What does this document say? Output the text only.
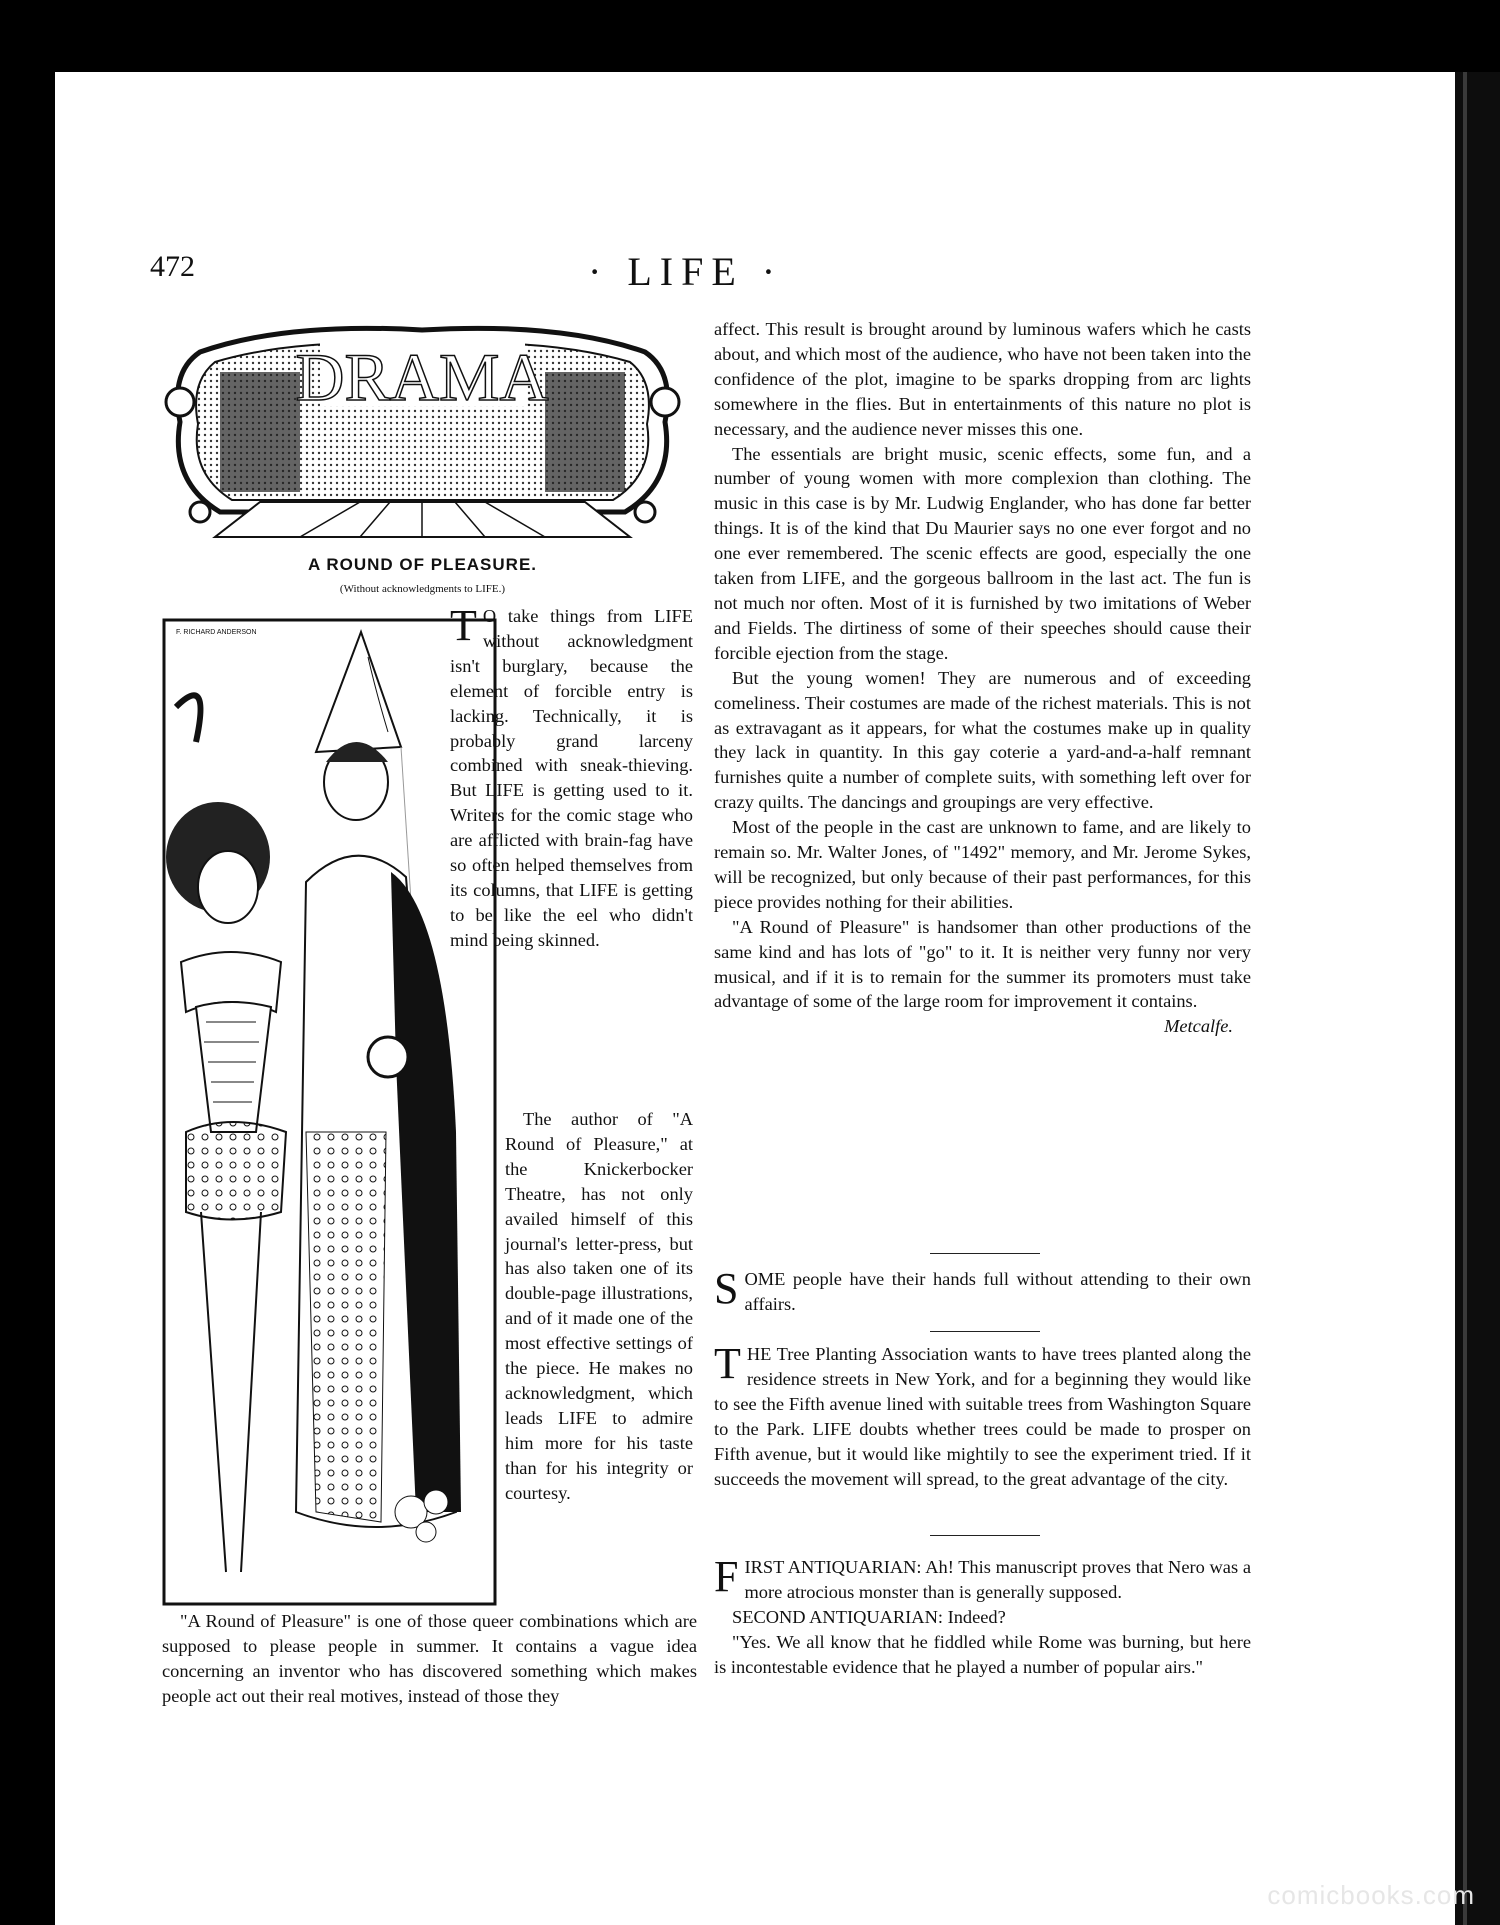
472	· LIFE ·
DRAMA
A ROUND OF PLEASURE.
(Without acknowledgments to LIFE.)
F. RICHARD ANDERSON	T O take things from LIFE without acknowledgment isn't burglary, because the element of forcible entry is lacking. Technically, it is probably grand larceny combined with sneak-thieving. But LIFE is getting used to it. Writers for the comic stage who are afflicted with brain-fag have so often helped themselves from its columns, that LIFE is getting to be like the eel who didn't mind being skinned.
The author of "A Round of Pleasure," at the Knickerbocker Theatre, has not only availed himself of this journal's letter-press, but has also taken one of its double-page illustrations, and of it made one of the most effective settings of the piece. He makes no acknowledgment, which leads LIFE to admire him more for his taste than for his integrity or courtesy.
"A Round of Pleasure" is one of those queer combinations which are supposed to please people in summer. It contains a vague idea concerning an inventor who has discovered something which makes people act out their real motives, instead of those they

affect. This result is brought around by luminous wafers which he casts about, and which most of the audience, who have not been taken into the confidence of the plot, imagine to be sparks dropping from arc lights somewhere in the flies. But in entertainments of this nature no plot is necessary, and the audience never misses this one.

The essentials are bright music, scenic effects, some fun, and a number of young women with more complexion than clothing. The music in this case is by Mr. Ludwig Englander, who has done far better things. It is of the kind that Du Maurier says no one ever forgot and no one ever remembered. The scenic effects are good, especially the one taken from LIFE, and the gorgeous ballroom in the last act. The fun is not much nor often. Most of it is furnished by two imitations of Weber and Fields. The dirtiness of some of their speeches should cause their forcible ejection from the stage.

But the young women! They are numerous and of exceeding comeliness. Their costumes are made of the richest materials. This is not as extravagant as it appears, for what the costumes make up in quality they lack in quantity. In this gay coterie a yard-and-a-half remnant furnishes quite a number of complete suits, with something left over for crazy quilts. The dancings and groupings are very effective.

Most of the people in the cast are unknown to fame, and are likely to remain so. Mr. Walter Jones, of "1492" memory, and Mr. Jerome Sykes, will be recognized, but only because of their past performances, for this piece provides nothing for their abilities.

"A Round of Pleasure" is handsomer than other productions of the same kind and has lots of "go" to it. It is neither very funny nor very musical, and if it is to remain for the summer its promoters must take advantage of some of the large room for improvement it contains.

Metcalfe.

S OME people have their hands full without attending to their own affairs.
T HE Tree Planting Association wants to have trees planted along the residence streets in New York, and for a beginning they would like to see the Fifth avenue lined with suitable trees from Washington Square to the Park. LIFE doubts whether trees could be made to prosper on Fifth avenue, but it would like mightily to see the experiment tried. If it succeeds the movement will spread, to the great advantage of the city.

F IRST ANTIQUARIAN: Ah! This manuscript proves that Nero was a more atrocious monster than is generally supposed.

SECOND ANTIQUARIAN: Indeed?

"Yes. We all know that he fiddled while Rome was burning, but here is incontestable evidence that he played a number of popular airs."

comicbooks.com
